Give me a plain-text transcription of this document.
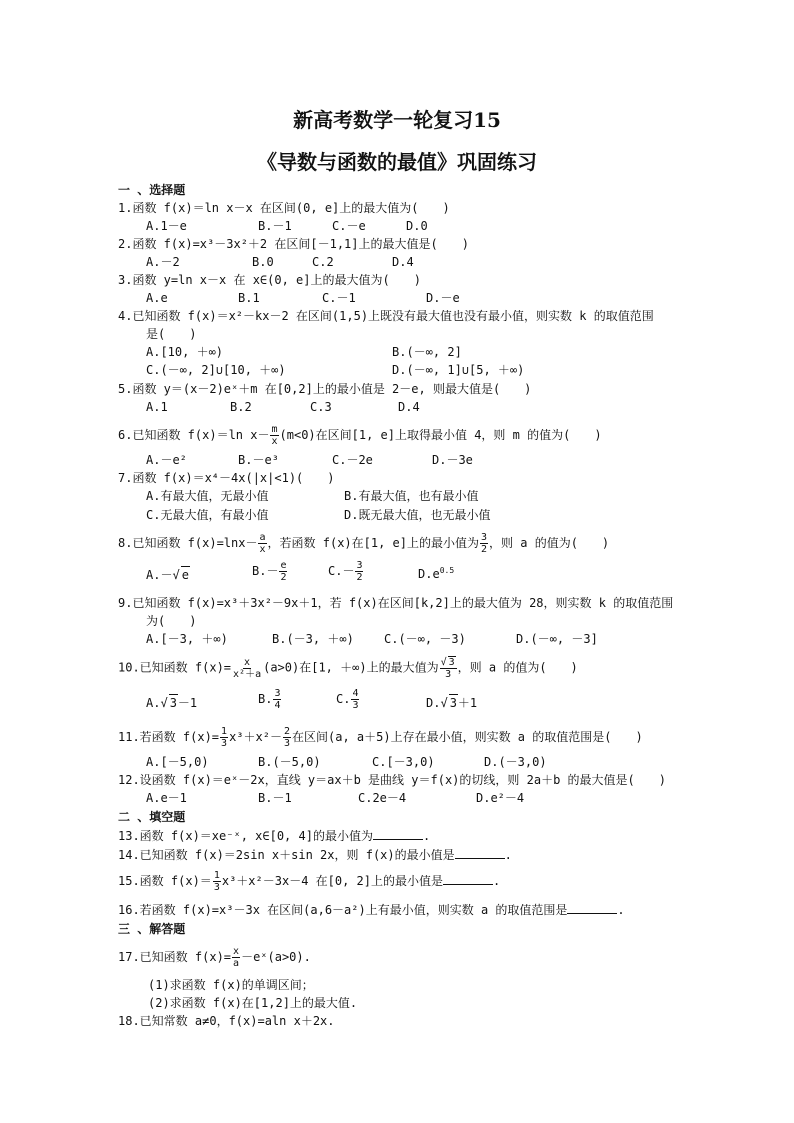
新高考数学一轮复习15
《导数与函数的最值》巩固练习
一 、选择题
1.函数 f(x)＝ln x－x 在区间(0, e]上的最大值为(　　)
A.1－e	B.－1	C.－e	D.0
2.函数 f(x)=x³－3x²＋2 在区间[－1,1]上的最大值是(　　)
A.－2	B.0	C.2	D.4
3.函数 y=ln x－x 在 x∈(0, e]上的最大值为(　　)
A.e	B.1	C.－1	D.－e
4.已知函数 f(x)＝x²－kx－2 在区间(1,5)上既没有最大值也没有最小值，则实数 k 的取值范围
是(　　)
A.[10, ＋∞)	B.(－∞, 2]
C.(－∞, 2]∪[10, ＋∞)	D.(－∞, 1]∪[5, ＋∞)
5.函数 y＝(x－2)eˣ＋m 在[0,2]上的最小值是 2－e, 则最大值是(　　)
A.1	B.2	C.3	D.4
6.已知函数 f(x)＝ln $x- \frac{m}{x} (m<0)$在区间[1, e]上取得最小值 4，则 m 的值为(　　)
A.－e²	B.－e³	C.－2e	D.－3e
7.函数 f(x)＝x⁴－4x(|x|<1)(　　)
A.有最大值，无最小值	B.有最大值，也有最小值
C.无最大值，有最小值	D.既无最大值，也无最小值
8.已知函数 $f(x)=\ln x- \frac{a}{x}$ ，若函数 f(x)在[1, e]上的最小值为 $\frac{3}{2}$ ，则 a 的值为(　　)
A.－√ e	$B.- \frac{e}{2}$	$C.- \frac{3}{2}$	$D.e^{0.5}$
9.已知函数 f(x)=x³＋3x²－9x＋1，若 f(x)在区间[k,2]上的最大值为 28，则实数 k 的取值范围
为(　　)
A.[－3, ＋∞)	B.(－3, ＋∞)	C.(－∞, －3)	D.(－∞, －3]
10.已知函数 $f(x)= \frac{x}{\text{x²＋a}} (a>0)$在[1, ＋∞)上的最大值为 $\frac{√ 3}{3}$ ，则 a 的值为(　　)
A.√ 3－1	B. $\frac{3}{4}$	C. $\frac{4}{3}$	D.√ 3＋1
11.若函数 $f(x)= \frac{1}{3} x^3+x^2- \frac{2}{3}$ 在区间(a, a＋5)上存在最小值，则实数 a 的取值范围是(　　)
A.[－5,0)	B.(－5,0)	C.[－3,0)	D.(－3,0)
12.设函数 f(x)＝eˣ－2x，直线 y＝ax＋b 是曲线 y＝f(x)的切线，则 2a＋b 的最大值是(　　)
A.e－1	B.－1	C.2e－4	D.e²－4
二 、填空题
13.函数 f(x)＝xe⁻ˣ, x∈[0, 4]的最小值为	.
14.已知函数 f(x)＝2sin x＋sin 2x，则 f(x)的最小值是	.
15.函数 $f(x)= \frac{1}{3} x^3+x^2-3x-4$ 在[0, 2]上的最小值是	.
16.若函数 f(x)=x³－3x 在区间(a,6－a²)上有最小值，则实数 a 的取值范围是	.
三 、解答题
17.已知函数 $f(x)= \frac{x}{a}$ －eˣ(a>0).
(1)求函数 f(x)的单调区间；
(2)求函数 f(x)在[1,2]上的最大值.
18.已知常数 a≠0，f(x)=aln x＋2x.
